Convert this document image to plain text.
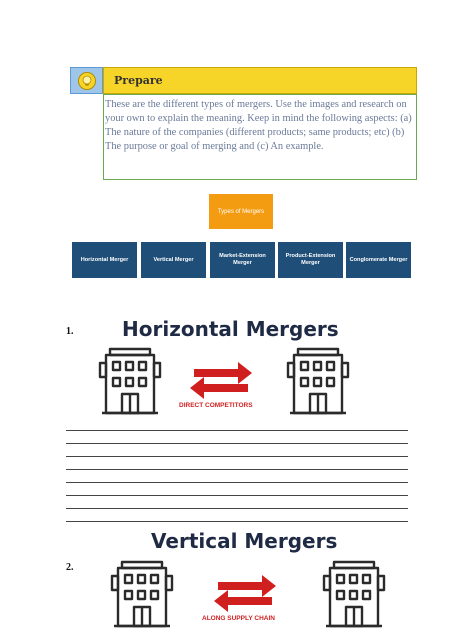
Prepare
These are the different types of mergers. Use the images and research on your own to explain the meaning. Keep in mind the following aspects: (a) The nature of the companies (different products; same products; etc) (b) The purpose or goal of merging and (c) An example.
Types of Mergers
Horizontal Merger	Vertical Merger
Market-Extension Merger
Product-Extension Merger
Conglomerate Merger
1. Horizontal Mergers
DIRECT COMPETITORS
2.
Vertical Mergers
ALONG SUPPLY CHAIN
